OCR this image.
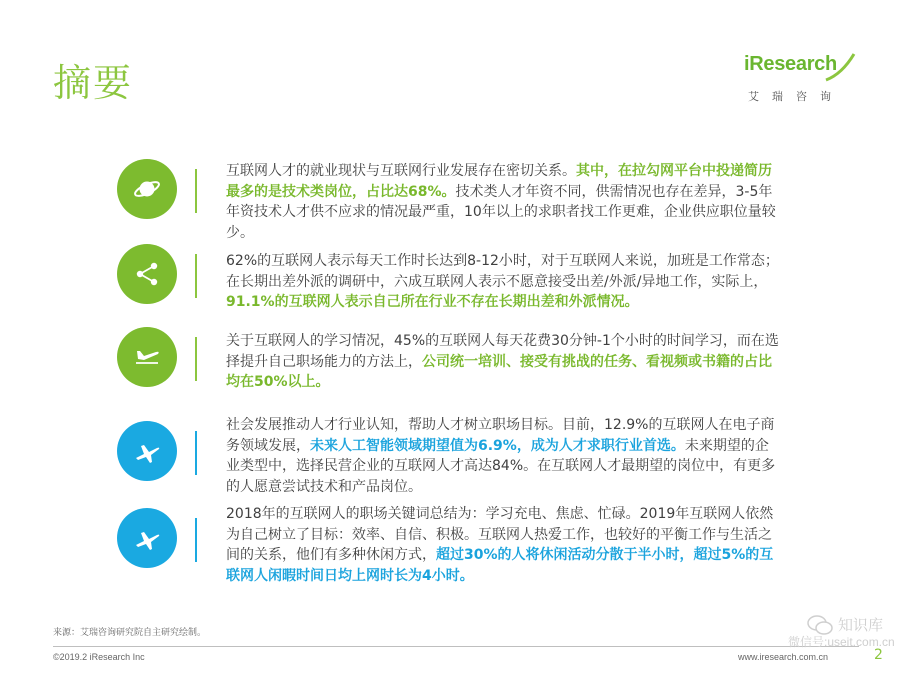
摘要	iResearch
艾瑞咨询
互联网人才的就业现状与互联网行业发展存在密切关系。其中，在拉勾网平台中投递简历最多的是技术类岗位，占比达68%。技术类人才年资不同，供需情况也存在差异，3-5年年资技术人才供不应求的情况最严重，10年以上的求职者找工作更难，企业供应职位量较少。
62%的互联网人表示每天工作时长达到8-12小时，对于互联网人来说，加班是工作常态；在长期出差外派的调研中，六成互联网人表示不愿意接受出差/外派/异地工作，实际上，91.1%的互联网人表示自己所在行业不存在长期出差和外派情况。
关于互联网人的学习情况，45%的互联网人每天花费30分钟-1个小时的时间学习，而在选择提升自己职场能力的方法上，公司统一培训、接受有挑战的任务、看视频或书籍的占比均在50%以上。
社会发展推动人才行业认知，帮助人才树立职场目标。目前，12.9%的互联网人在电子商务领域发展，未来人工智能领域期望值为6.9%，成为人才求职行业首选。未来期望的企业类型中，选择民营企业的互联网人才高达84%。在互联网人才最期望的岗位中，有更多的人愿意尝试技术和产品岗位。
2018年的互联网人的职场关键词总结为：学习充电、焦虑、忙碌。2019年互联网人依然为自己树立了目标：效率、自信、积极。互联网人热爱工作，也较好的平衡工作与生活之间的关系，他们有多种休闲方式，超过30%的人将休闲活动分散于半小时，超过5%的互联网人闲暇时间日均上网时长为4小时。
来源：艾瑞咨询研究院自主研究绘制。
©2019.2 iResearch Inc	www.iresearch.com.cn	2
知识库
微信号:useit.com.cn
